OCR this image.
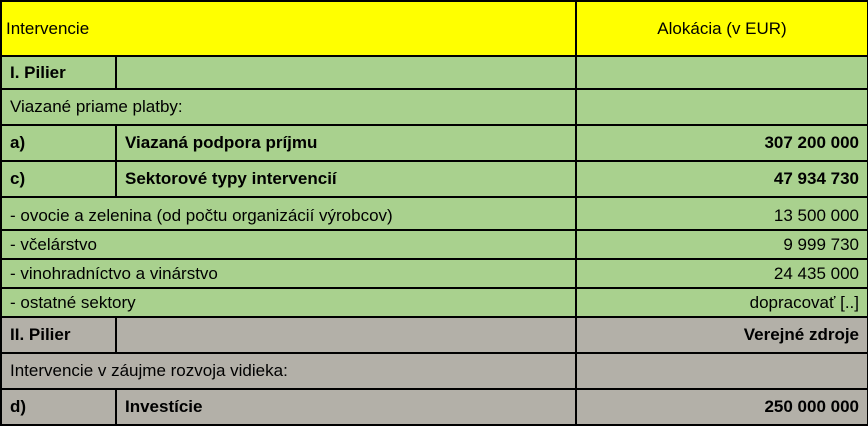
Intervencie		Alokácia (v EUR)
I. Pilier		
Viazané priame platby:		
a)	Viazaná podpora príjmu	307 200 000
c)	Sektorové typy intervencií	47 934 730
- ovocie a zelenina (od počtu organizácií výrobcov)		13 500 000
- včelárstvo		9 999 730
- vinohradníctvo a vinárstvo		24 435 000
- ostatné sektory		dopracovať [..]
II. Pilier		Verejné zdroje
Intervencie v záujme rozvoja vidieka:		
d)	Investície	250 000 000
